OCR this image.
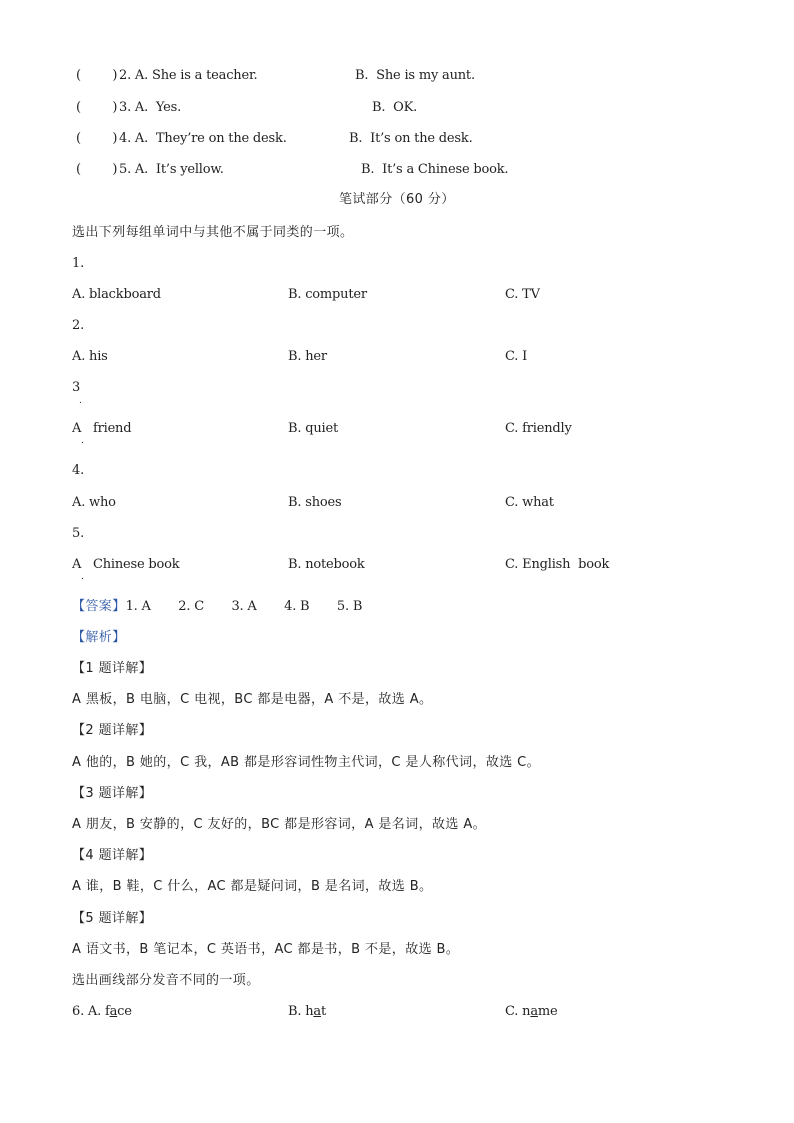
(        ) 2. A. She is a teacher.	B.  She is my aunt.
(        ) 3. A.  Yes.	B.  OK.
(        ) 4. A.  They’re on the desk.	B.  It’s on the desk.
(        ) 5. A.  It’s yellow.	B.  It’s a Chinese book.
笔试部分（60 分）
选出下列每组单词中与其他不属于同类的一项。
1.
A. blackboard	B. computer	C. TV
2.
A. his	B. her	C. I
3
.
A   friend
.
B. quiet	C. friendly
4.
A. who	B. shoes	C. what
5.
A   Chinese book
.
B. notebook	C. English  book
【答案】1. A       2. C       3. A       4. B       5. B
【解析】
【1 题详解】
A 黑板，B 电脑，C 电视，BC 都是电器，A 不是，故选 A。
【2 题详解】
A 他的，B 她的，C 我，AB 都是形容词性物主代词，C 是人称代词，故选 C。
【3 题详解】
A 朋友，B 安静的，C 友好的，BC 都是形容词，A 是名词，故选 A。
【4 题详解】
A 谁，B 鞋，C 什么，AC 都是疑问词，B 是名词，故选 B。
【5 题详解】
A 语文书，B 笔记本，C 英语书，AC 都是书，B 不是，故选 B。
选出画线部分发音不同的一项。
6. A. face	B. hat	C. name
